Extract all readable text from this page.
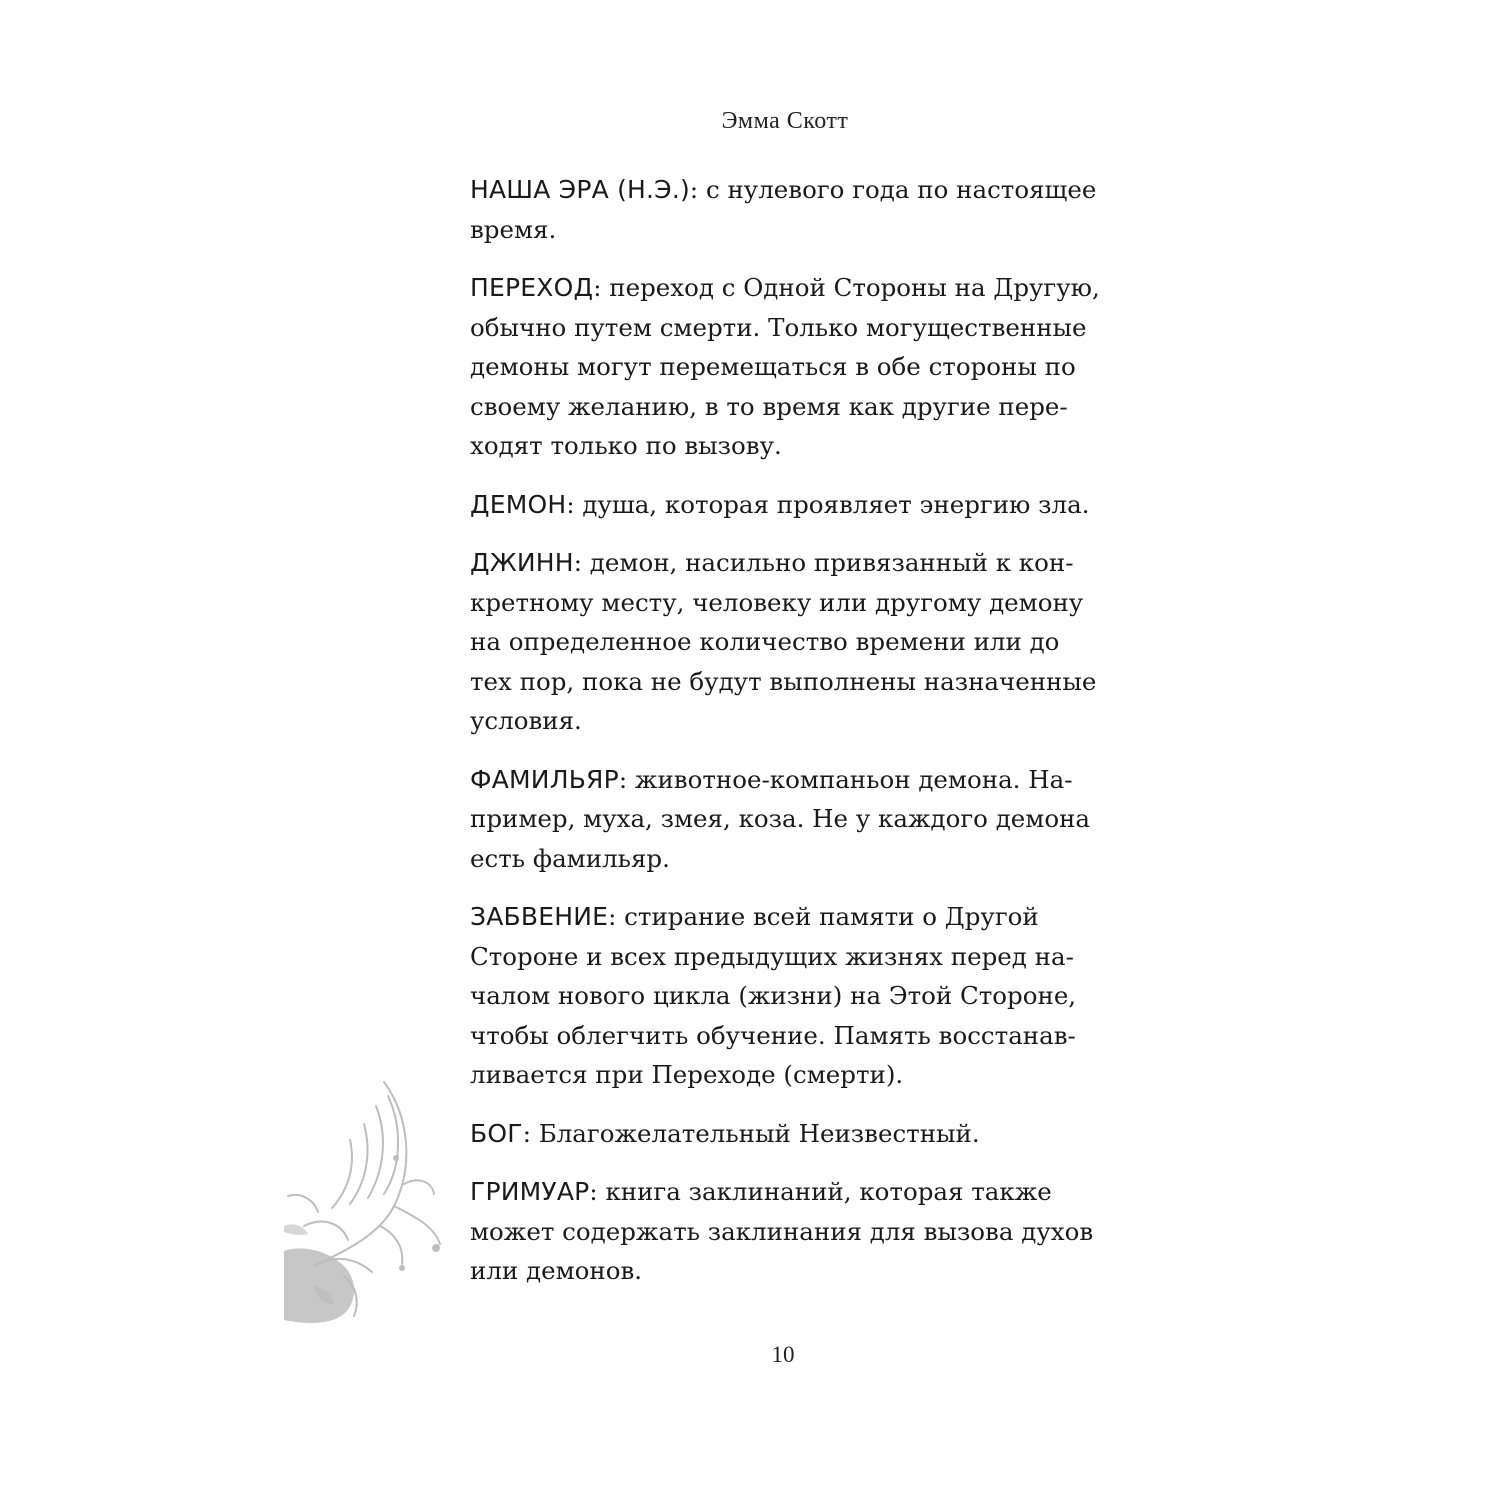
Эмма Скотт
НАША ЭРА (Н.Э.): с нулевого года по настоящее
время.
ПЕРЕХОД: переход с Одной Стороны на Другую,
обычно путем смерти. Только могущественные
демоны могут перемещаться в обе стороны по
своему желанию, в то время как другие пере-
ходят только по вызову.
ДЕМОН: душа, которая проявляет энергию зла.
ДЖИНН: демон, насильно привязанный к кон-
кретному месту, человеку или другому демону
на определенное количество времени или до
тех пор, пока не будут выполнены назначенные
условия.
ФАМИЛЬЯР: животное-компаньон демона. На-
пример, муха, змея, коза. Не у каждого демона
есть фамильяр.
ЗАБВЕНИЕ: стирание всей памяти о Другой
Стороне и всех предыдущих жизнях перед на-
чалом нового цикла (жизни) на Этой Стороне,
чтобы облегчить обучение. Память восстанав-
ливается при Переходе (смерти).
БОГ: Благожелательный Неизвестный.
ГРИМУАР: книга заклинаний, которая также
может содержать заклинания для вызова духов
или демонов.
10
